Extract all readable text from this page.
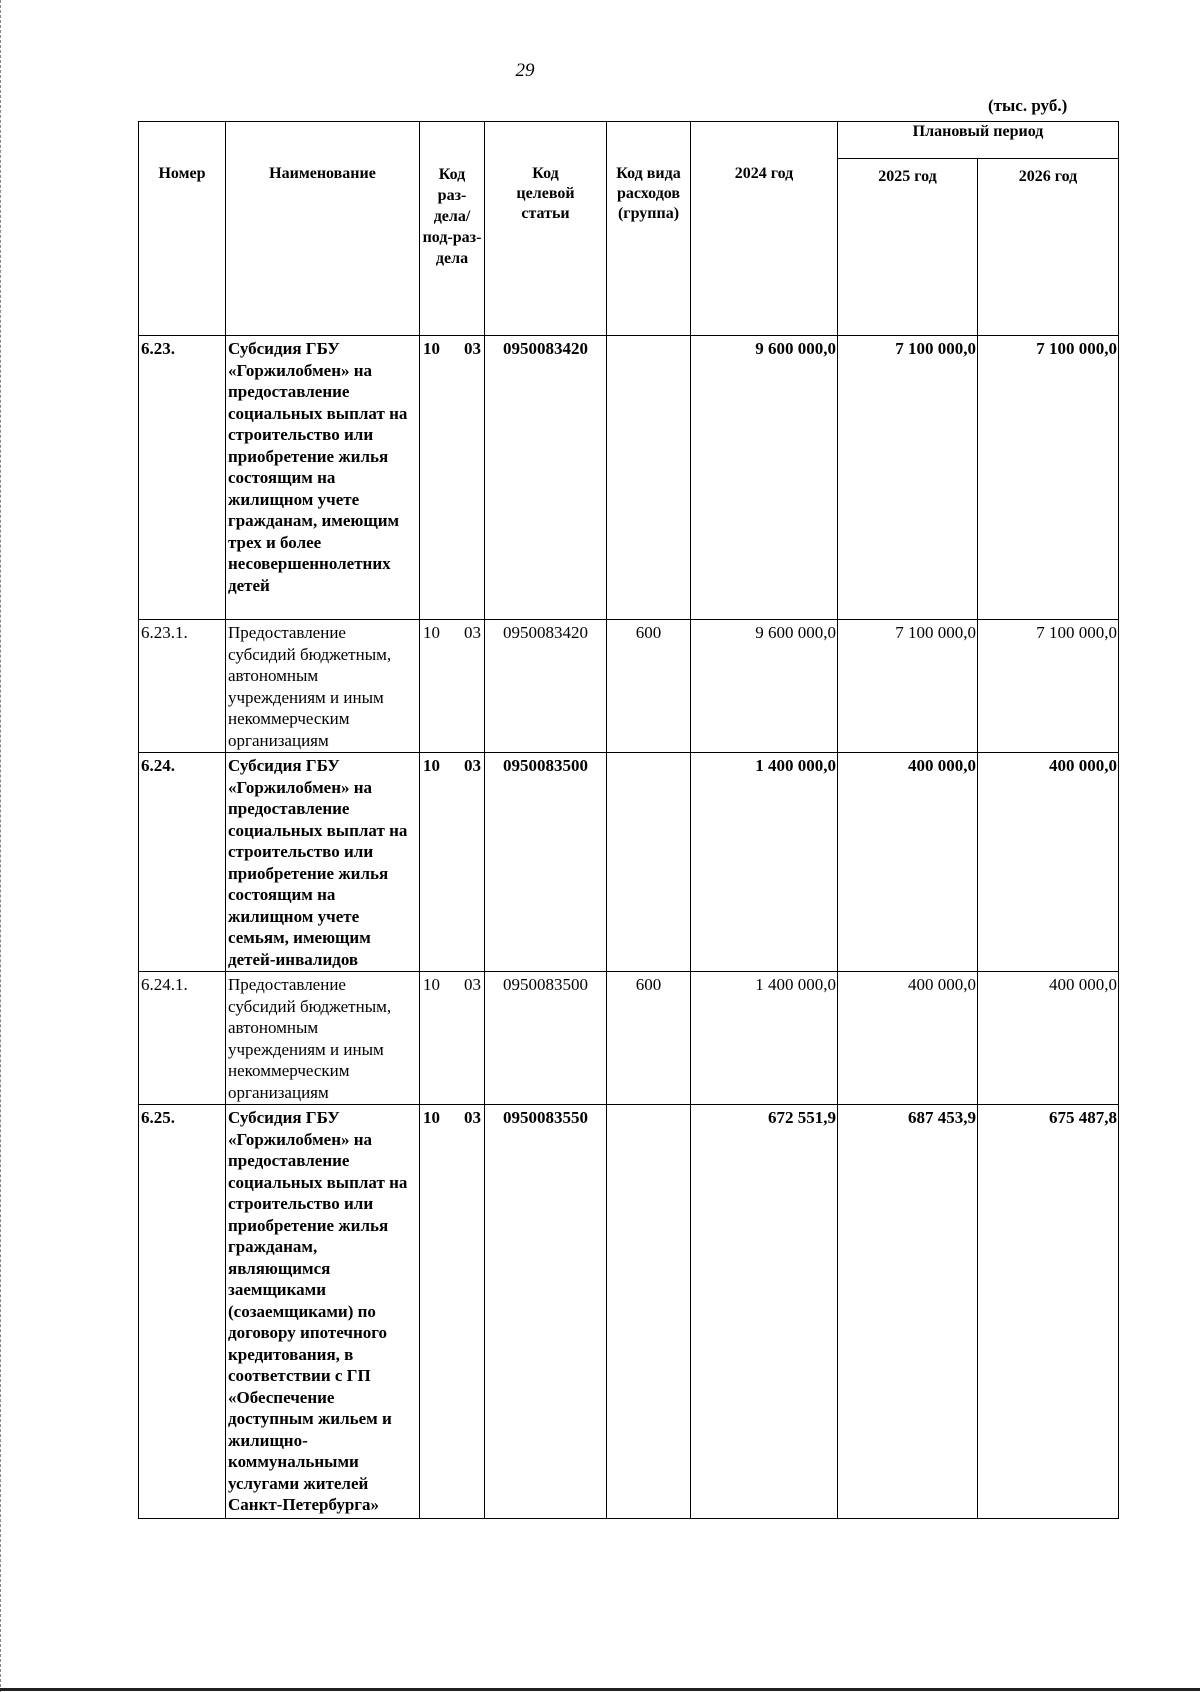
29
(тыс. руб.)
Номер	Наименование	Код раз-дела/ под-раз-дела	Код целевой статьи	Код вида расходов (группа)	2024 год	Плановый период	

						2025 год	2026 год

6.23.	Субсидия ГБУ «Горжилобмен» на предоставление социальных выплат на строительство или приобретение жилья состоящим на жилищном учете гражданам, имеющим трех и более несовершеннолетних детей	10 03	0950083420		9 600 000,0	7 100 000,0	7 100 000,0

6.23.1.	Предоставление субсидий бюджетным, автономным учреждениям и иным некоммерческим организациям	10 03	0950083420	600	9 600 000,0	7 100 000,0	7 100 000,0

6.24.	Субсидия ГБУ «Горжилобмен» на предоставление социальных выплат на строительство или приобретение жилья состоящим на жилищном учете семьям, имеющим детей-инвалидов	10 03	0950083500		1 400 000,0	400 000,0	400 000,0

6.24.1.	Предоставление субсидий бюджетным, автономным учреждениям и иным некоммерческим организациям	10 03	0950083500	600	1 400 000,0	400 000,0	400 000,0

6.25.	Субсидия ГБУ «Горжилобмен» на предоставление социальных выплат на строительство или приобретение жилья гражданам, являющимся заемщиками (созаемщиками) по договору ипотечного кредитования, в соответствии с ГП «Обеспечение доступным жильем и жилищно-коммунальными услугами жителей Санкт-Петербурга»	10 03	0950083550		672 551,9	687 453,9	675 487,8
